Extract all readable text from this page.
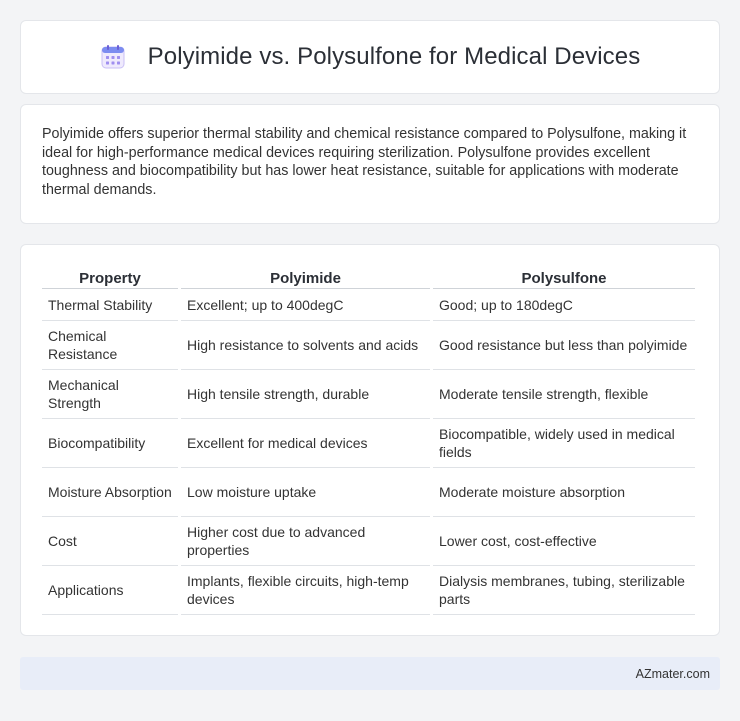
Polyimide vs. Polysulfone for Medical Devices

Polyimide offers superior thermal stability and chemical resistance compared to Polysulfone, making it ideal for high-performance medical devices requiring sterilization. Polysulfone provides excellent toughness and biocompatibility but has lower heat resistance, suitable for applications with moderate thermal demands.

Property	Polyimide	Polysulfone
Thermal Stability	Excellent; up to 400degC	Good; up to 180degC
Chemical Resistance	High resistance to solvents and acids	Good resistance but less than polyimide
Mechanical Strength	High tensile strength, durable	Moderate tensile strength, flexible
Biocompatibility	Excellent for medical devices	Biocompatible, widely used in medical fields
Moisture Absorption	Low moisture uptake	Moderate moisture absorption
Cost	Higher cost due to advanced properties	Lower cost, cost-effective
Applications	Implants, flexible circuits, high-temp devices	Dialysis membranes, tubing, sterilizable parts
AZmater.com
